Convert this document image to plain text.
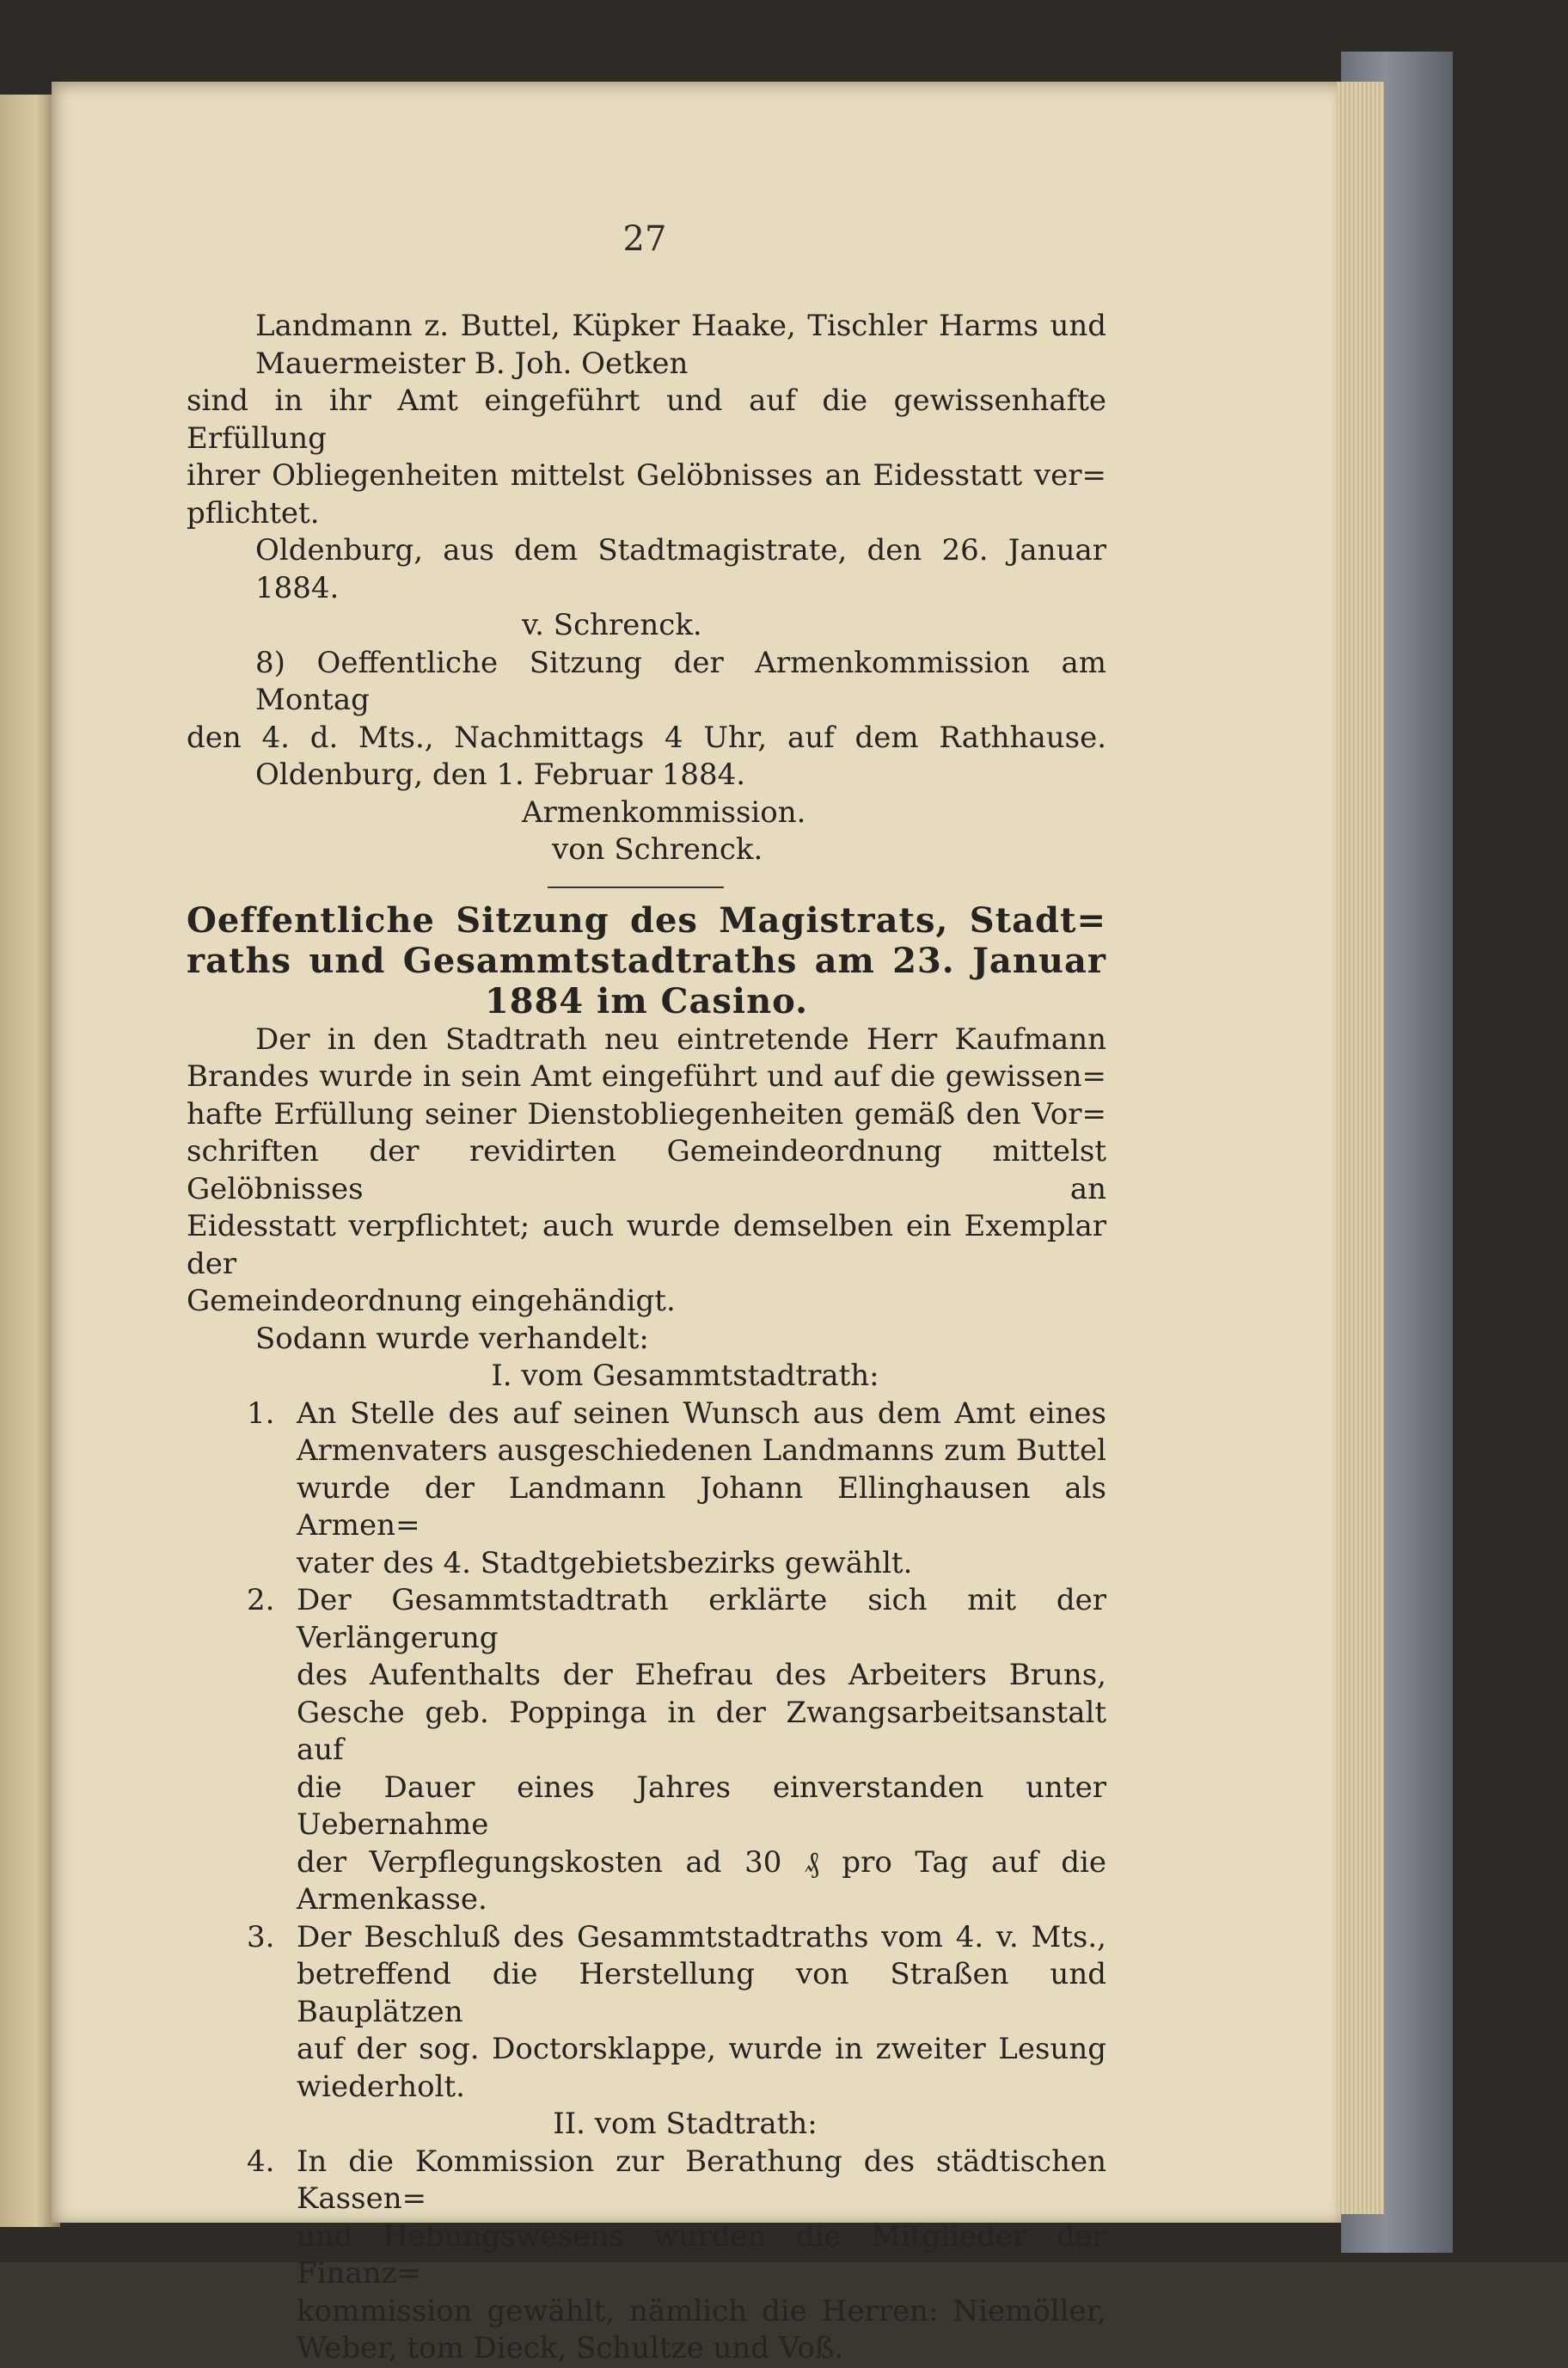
27
Landmann z. Buttel, Küpker Haake, Tischler Harms und
Mauermeister B. Joh. Oetken
sind in ihr Amt eingeführt und auf die gewissenhafte Erfüllung
ihrer Obliegenheiten mittelst Gelöbnisses an Eidesstatt ver=
pflichtet.
Oldenburg, aus dem Stadtmagistrate, den 26. Januar 1884.
v. Schrenck.
8) Oeffentliche Sitzung der Armenkommission am Montag
den 4. d. Mts., Nachmittags 4 Uhr, auf dem Rathhause.
Oldenburg, den 1. Februar 1884.
Armenkommission.
von Schrenck.
Oeffentliche Sitzung des Magistrats, Stadt=
raths und Gesammtstadtraths am 23. Januar
1884 im Casino.
Der in den Stadtrath neu eintretende Herr Kaufmann
Brandes wurde in sein Amt eingeführt und auf die gewissen=
hafte Erfüllung seiner Dienstobliegenheiten gemäß den Vor=
schriften der revidirten Gemeindeordnung mittelst Gelöbnisses an
Eidesstatt verpflichtet; auch wurde demselben ein Exemplar der
Gemeindeordnung eingehändigt.
Sodann wurde verhandelt:
I. vom Gesammtstadtrath:
1. An Stelle des auf seinen Wunsch aus dem Amt eines
Armenvaters ausgeschiedenen Landmanns zum Buttel
wurde der Landmann Johann Ellinghausen als Armen=
vater des 4. Stadtgebietsbezirks gewählt.
2. Der Gesammtstadtrath erklärte sich mit der Verlängerung
des Aufenthalts der Ehefrau des Arbeiters Bruns,
Gesche geb. Poppinga in der Zwangsarbeitsanstalt auf
die Dauer eines Jahres einverstanden unter Uebernahme
der Verpflegungskosten ad 30 ₰ pro Tag auf die
Armenkasse.
3. Der Beschluß des Gesammtstadtraths vom 4. v. Mts.,
betreffend die Herstellung von Straßen und Bauplätzen
auf der sog. Doctorsklappe, wurde in zweiter Lesung
wiederholt.
II. vom Stadtrath:
4. In die Kommission zur Berathung des städtischen Kassen=
und Hebungswesens wurden die Mitglieder der Finanz=
kommission gewählt, nämlich die Herren: Niemöller,
Weber, tom Dieck, Schultze und Voß.
